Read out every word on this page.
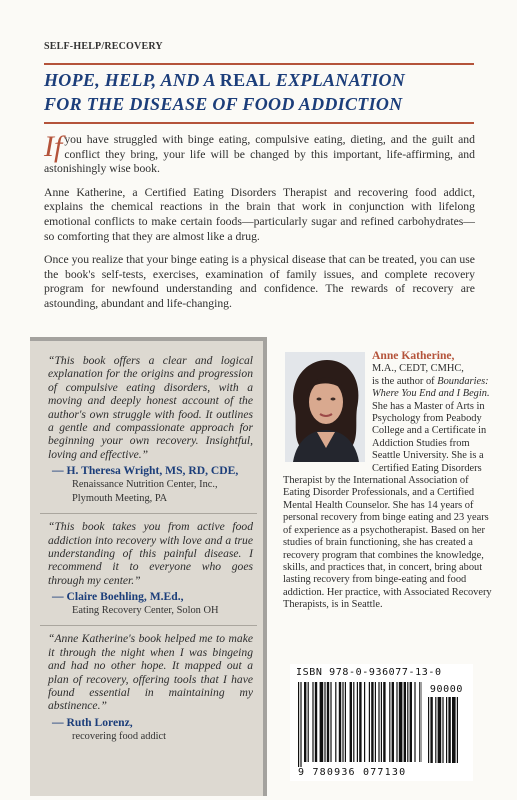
SELF-HELP/RECOVERY
HOPE, HELP, AND A REAL EXPLANATION
FOR THE DISEASE OF FOOD ADDICTION

If you have struggled with binge eating, compulsive eating, dieting, and the guilt and conflict they bring, your life will be changed by this important, life-affirming, and astonishingly wise book.

Anne Katherine, a Certified Eating Disorders Therapist and recovering food addict, explains the chemical reactions in the brain that work in conjunction with lifelong emotional conflicts to make certain foods—particularly sugar and refined carbohydrates—so comforting that they are almost like a drug.

Once you realize that your binge eating is a physical disease that can be treated, you can use the book's self-tests, exercises, examination of family issues, and complete recovery program for newfound understanding and confidence. The rewards of recovery are astounding, abundant and life-changing.

“This book offers a clear and logical explanation for the origins and progression of compulsive eating disorders, with a moving and deeply honest account of the author's own struggle with food. It outlines a gentle and compassionate approach for beginning your own recovery. Insightful, loving and effective.”

— H. Theresa Wright, MS, RD, CDE,
Renaissance Nutrition Center, Inc.,
Plymouth Meeting, PA

“This book takes you from active food addiction into recovery with love and a true understanding of this painful disease. I recommend it to everyone who goes through my center.”

— Claire Boehling, M.Ed.,
Eating Recovery Center, Solon OH

“Anne Katherine's book helped me to make it through the night when I was bingeing and had no other hope. It mapped out a plan of recovery, offering tools that I have found essential in maintaining my abstinence.”

— Ruth Lorenz,
recovering food addict
Anne Katherine,
M.A., CEDT, CMHC,
is the author of Boundaries: Where You End and I Begin. She has a Master of Arts in Psychology from Peabody College and a Certificate in Addiction Studies from Seattle University. She is a Certified Eating Disorders Therapist by the International Association of Eating Disorder Professionals, and a Certified Mental Health Counselor. She has 14 years of personal recovery from binge eating and 23 years of experience as a psychotherapist. Based on her studies of brain functioning, she has created a recovery program that combines the knowledge, skills, and practices that, in concert, bring about lasting recovery from binge-eating and food addiction. Her practice, with Associated Recovery Therapists, is in Seattle.
ISBN 978-0-936077-13-0
90000
9 780936 077130
